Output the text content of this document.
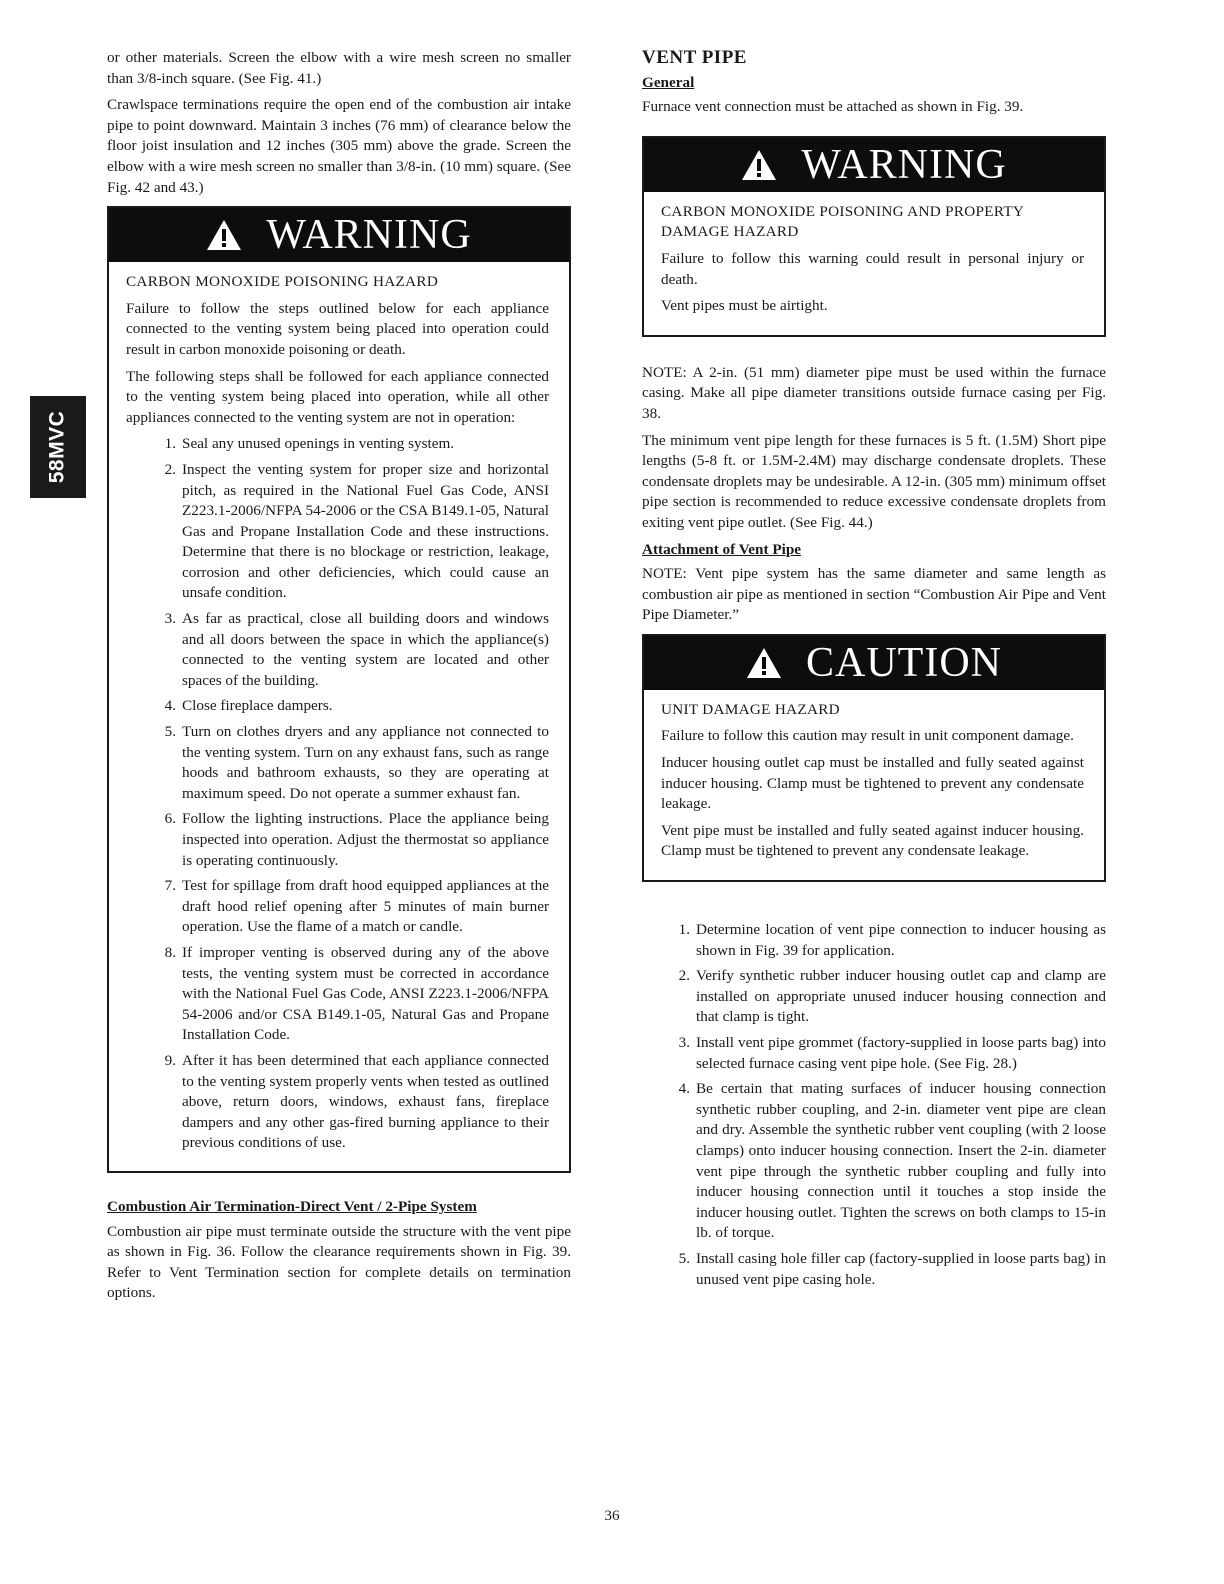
58MVC

or other materials. Screen the elbow with a wire mesh screen no smaller than 3/8-inch square. (See Fig. 41.)

Crawlspace terminations require the open end of the combustion air intake pipe to point downward. Maintain 3 inches (76 mm) of clearance below the floor joist insulation and 12 inches (305 mm) above the grade. Screen the elbow with a wire mesh screen no smaller than 3/8-in. (10 mm) square. (See Fig. 42 and 43.)

WARNING
CARBON MONOXIDE POISONING HAZARD

Failure to follow the steps outlined below for each appliance connected to the venting system being placed into operation could result in carbon monoxide poisoning or death.

The following steps shall be followed for each appliance connected to the venting system being placed into operation, while all other appliances connected to the venting system are not in operation:

1. Seal any unused openings in venting system.
2. Inspect the venting system for proper size and horizontal pitch, as required in the National Fuel Gas Code, ANSI Z223.1-2006/NFPA 54-2006 or the CSA B149.1-05, Natural Gas and Propane Installation Code and these instructions. Determine that there is no blockage or restriction, leakage, corrosion and other deficiencies, which could cause an unsafe condition.
3. As far as practical, close all building doors and windows and all doors between the space in which the appliance(s) connected to the venting system are located and other spaces of the building.
4. Close fireplace dampers.
5. Turn on clothes dryers and any appliance not connected to the venting system. Turn on any exhaust fans, such as range hoods and bathroom exhausts, so they are operating at maximum speed. Do not operate a summer exhaust fan.
6. Follow the lighting instructions. Place the appliance being inspected into operation. Adjust the thermostat so appliance is operating continuously.
7. Test for spillage from draft hood equipped appliances at the draft hood relief opening after 5 minutes of main burner operation. Use the flame of a match or candle.
8. If improper venting is observed during any of the above tests, the venting system must be corrected in accordance with the National Fuel Gas Code, ANSI Z223.1-2006/NFPA 54-2006 and/or CSA B149.1-05, Natural Gas and Propane Installation Code.
9. After it has been determined that each appliance connected to the venting system properly vents when tested as outlined above, return doors, windows, exhaust fans, fireplace dampers and any other gas-fired burning appliance to their previous conditions of use.
Combustion Air Termination-Direct Vent / 2-Pipe System

Combustion air pipe must terminate outside the structure with the vent pipe as shown in Fig. 36. Follow the clearance requirements shown in Fig. 39. Refer to Vent Termination section for complete details on termination options.

VENT PIPE
General

Furnace vent connection must be attached as shown in Fig. 39.

WARNING
CARBON MONOXIDE POISONING AND PROPERTY DAMAGE HAZARD

Failure to follow this warning could result in personal injury or death.

Vent pipes must be airtight.

NOTE: A 2-in. (51 mm) diameter pipe must be used within the furnace casing. Make all pipe diameter transitions outside furnace casing per Fig. 38.

The minimum vent pipe length for these furnaces is 5 ft. (1.5M) Short pipe lengths (5-8 ft. or 1.5M-2.4M) may discharge condensate droplets. These condensate droplets may be undesirable. A 12-in. (305 mm) minimum offset pipe section is recommended to reduce excessive condensate droplets from exiting vent pipe outlet. (See Fig. 44.)

Attachment of Vent Pipe

NOTE: Vent pipe system has the same diameter and same length as combustion air pipe as mentioned in section “Combustion Air Pipe and Vent Pipe Diameter.”

CAUTION
UNIT DAMAGE HAZARD

Failure to follow this caution may result in unit component damage.

Inducer housing outlet cap must be installed and fully seated against inducer housing. Clamp must be tightened to prevent any condensate leakage.

Vent pipe must be installed and fully seated against inducer housing. Clamp must be tightened to prevent any condensate leakage.

1. Determine location of vent pipe connection to inducer housing as shown in Fig. 39 for application.
2. Verify synthetic rubber inducer housing outlet cap and clamp are installed on appropriate unused inducer housing connection and that clamp is tight.
3. Install vent pipe grommet (factory-supplied in loose parts bag) into selected furnace casing vent pipe hole. (See Fig. 28.)
4. Be certain that mating surfaces of inducer housing connection synthetic rubber coupling, and 2-in. diameter vent pipe are clean and dry. Assemble the synthetic rubber vent coupling (with 2 loose clamps) onto inducer housing connection. Insert the 2-in. diameter vent pipe through the synthetic rubber coupling and fully into inducer housing connection until it touches a stop inside the inducer housing outlet. Tighten the screws on both clamps to 15-in lb. of torque.
5. Install casing hole filler cap (factory-supplied in loose parts bag) in unused vent pipe casing hole.
36
